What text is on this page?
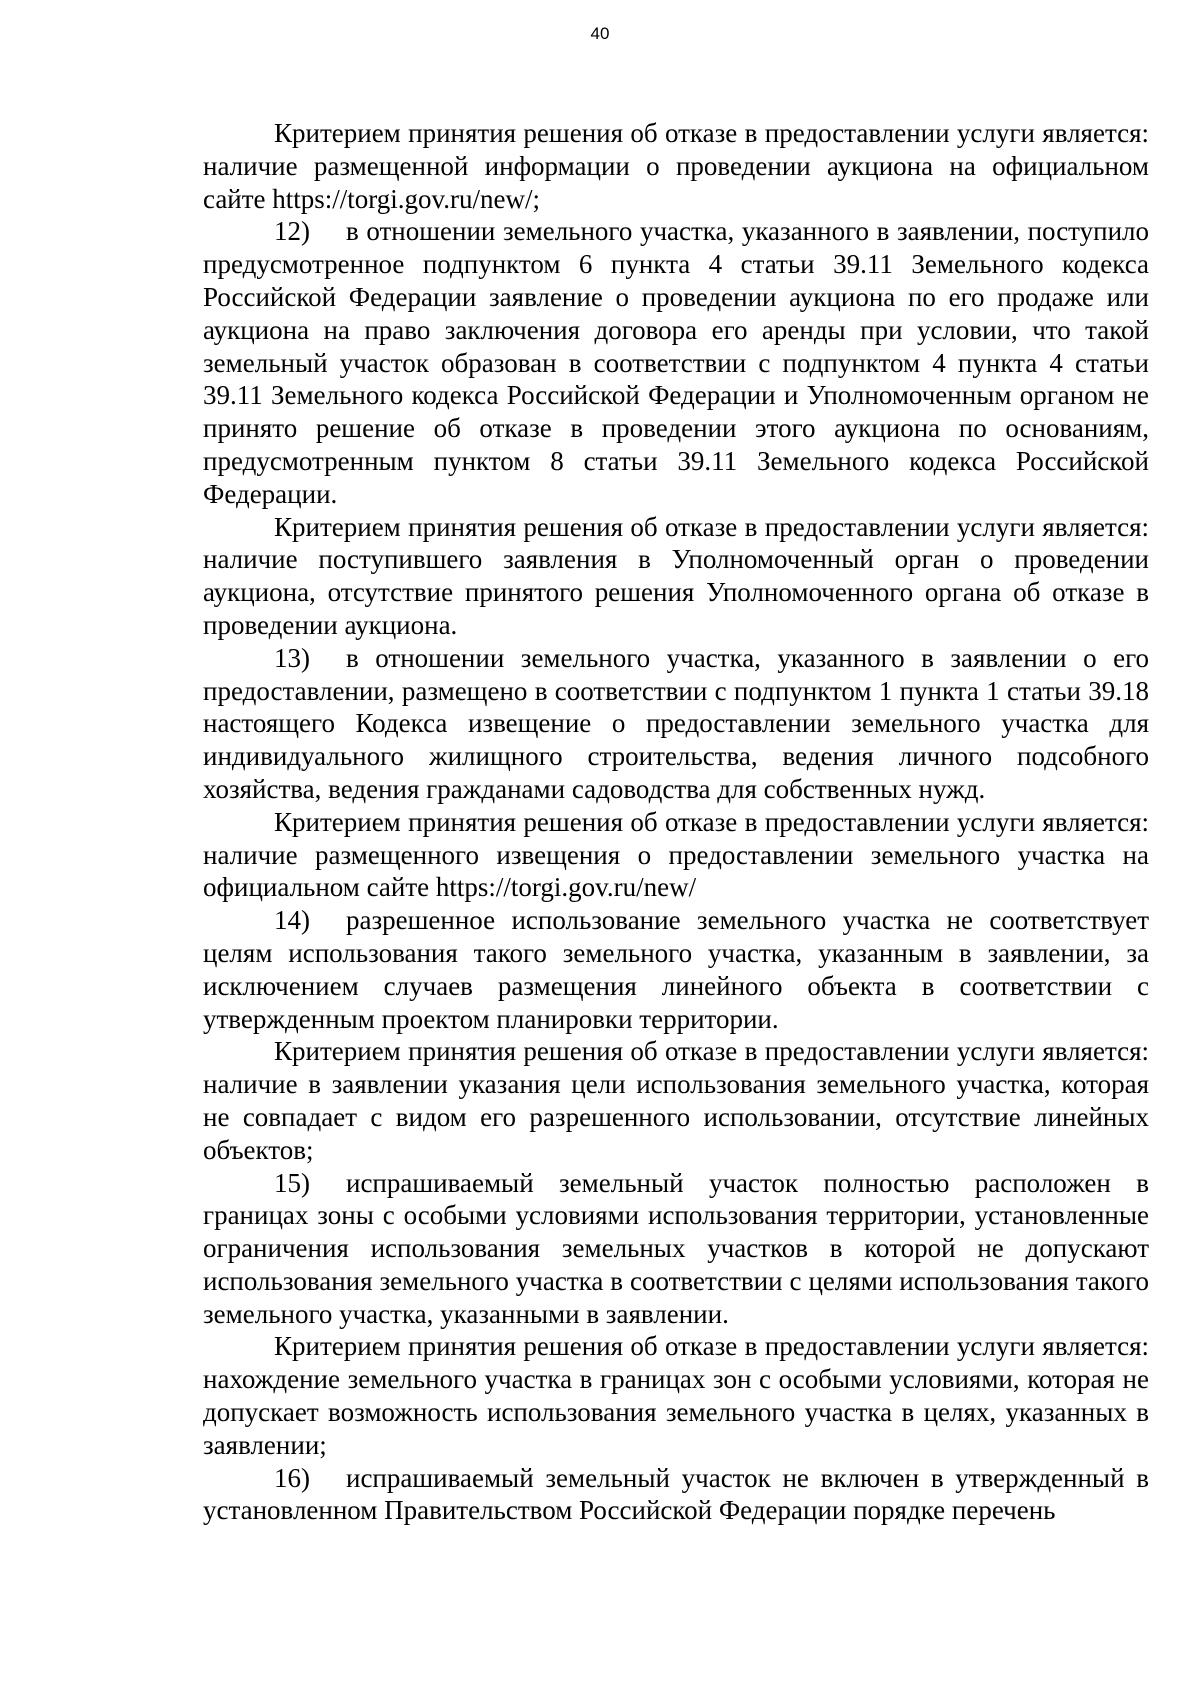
40

Критерием принятия решения об отказе в предоставлении услуги является: наличие размещенной информации о проведении аукциона на официальном сайте https://torgi.gov.ru/new/;

12) в отношении земельного участка, указанного в заявлении, поступило предусмотренное подпунктом 6 пункта 4 статьи 39.11 Земельного кодекса Российской Федерации заявление о проведении аукциона по его продаже или аукциона на право заключения договора его аренды при условии, что такой земельный участок образован в соответствии с подпунктом 4 пункта 4 статьи 39.11 Земельного кодекса Российской Федерации и Уполномоченным органом не принято решение об отказе в проведении этого аукциона по основаниям, предусмотренным пунктом 8 статьи 39.11 Земельного кодекса Российской Федерации.

Критерием принятия решения об отказе в предоставлении услуги является: наличие поступившего заявления в Уполномоченный орган о проведении аукциона, отсутствие принятого решения Уполномоченного органа об отказе в проведении аукциона.

13) в отношении земельного участка, указанного в заявлении о его предоставлении, размещено в соответствии с подпунктом 1 пункта 1 статьи 39.18 настоящего Кодекса извещение о предоставлении земельного участка для индивидуального жилищного строительства, ведения личного подсобного хозяйства, ведения гражданами садоводства для собственных нужд.

Критерием принятия решения об отказе в предоставлении услуги является: наличие размещенного извещения о предоставлении земельного участка на официальном сайте https://torgi.gov.ru/new/

14) разрешенное использование земельного участка не соответствует целям использования такого земельного участка, указанным в заявлении, за исключением случаев размещения линейного объекта в соответствии с утвержденным проектом планировки территории.

Критерием принятия решения об отказе в предоставлении услуги является: наличие в заявлении указания цели использования земельного участка, которая не совпадает с видом его разрешенного использовании, отсутствие линейных объектов;

15) испрашиваемый земельный участок полностью расположен в границах зоны с особыми условиями использования территории, установленные ограничения использования земельных участков в которой не допускают использования земельного участка в соответствии с целями использования такого земельного участка, указанными в заявлении.

Критерием принятия решения об отказе в предоставлении услуги является: нахождение земельного участка в границах зон с особыми условиями, которая не допускает возможность использования земельного участка в целях, указанных в заявлении;

16) испрашиваемый земельный участок не включен в утвержденный в установленном Правительством Российской Федерации порядке перечень
